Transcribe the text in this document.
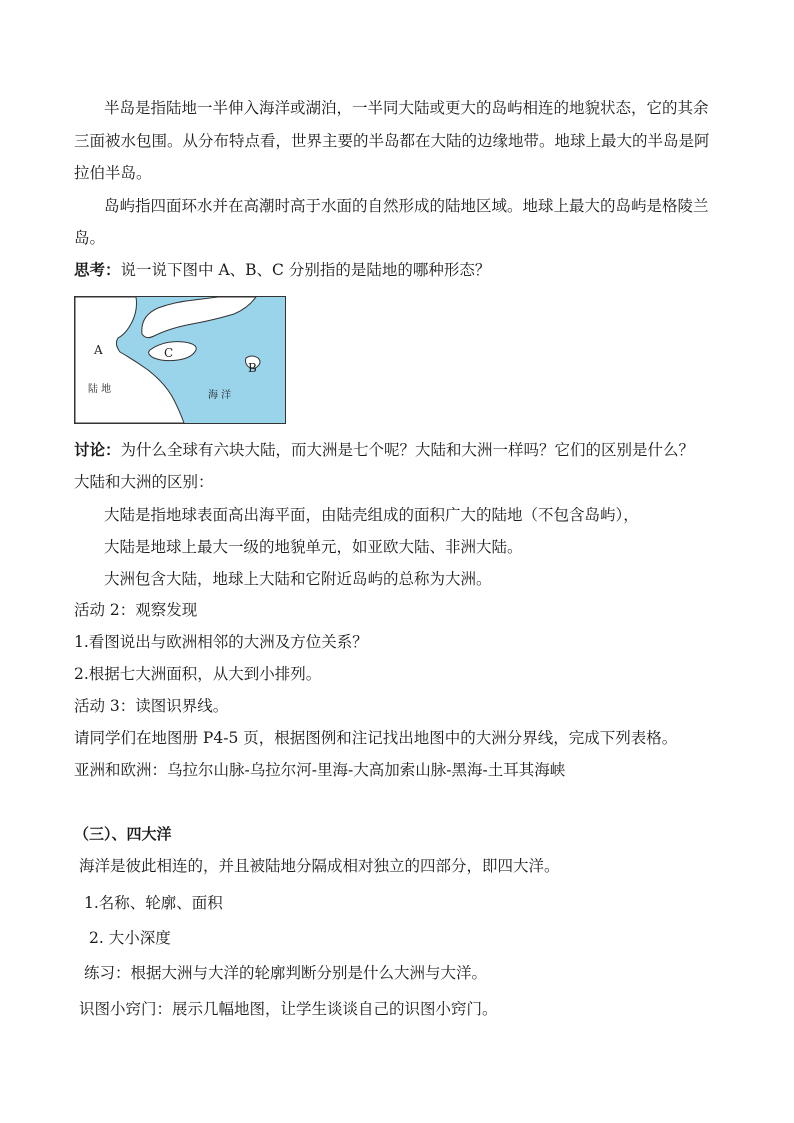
半岛是指陆地一半伸入海洋或湖泊，一半同大陆或更大的岛屿相连的地貌状态，它的其余
三面被水包围。从分布特点看，世界主要的半岛都在大陆的边缘地带。地球上最大的半岛是阿
拉伯半岛。
岛屿指四面环水并在高潮时高于水面的自然形成的陆地区域。地球上最大的岛屿是格陵兰
岛。
思考：说一说下图中 A、B、C 分别指的是陆地的哪种形态？
A	C
B
陆 地
海 洋
讨论：为什么全球有六块大陆，而大洲是七个呢？大陆和大洲一样吗？它们的区别是什么？
大陆和大洲的区别：
大陆是指地球表面高出海平面，由陆壳组成的面积广大的陆地（不包含岛屿），
大陆是地球上最大一级的地貌单元，如亚欧大陆、非洲大陆。
大洲包含大陆，地球上大陆和它附近岛屿的总称为大洲。
活动 2：观察发现
1.看图说出与欧洲相邻的大洲及方位关系？
2.根据七大洲面积，从大到小排列。
活动 3：读图识界线。
请同学们在地图册 P4-5 页，根据图例和注记找出地图中的大洲分界线，完成下列表格。
亚洲和欧洲：乌拉尔山脉-乌拉尔河-里海-大高加索山脉-黑海-土耳其海峡
（三）、四大洋
海洋是彼此相连的，并且被陆地分隔成相对独立的四部分，即四大洋。
1.名称、轮廓、面积
2. 大小深度
练习：根据大洲与大洋的轮廓判断分别是什么大洲与大洋。
识图小窍门：展示几幅地图，让学生谈谈自己的识图小窍门。
